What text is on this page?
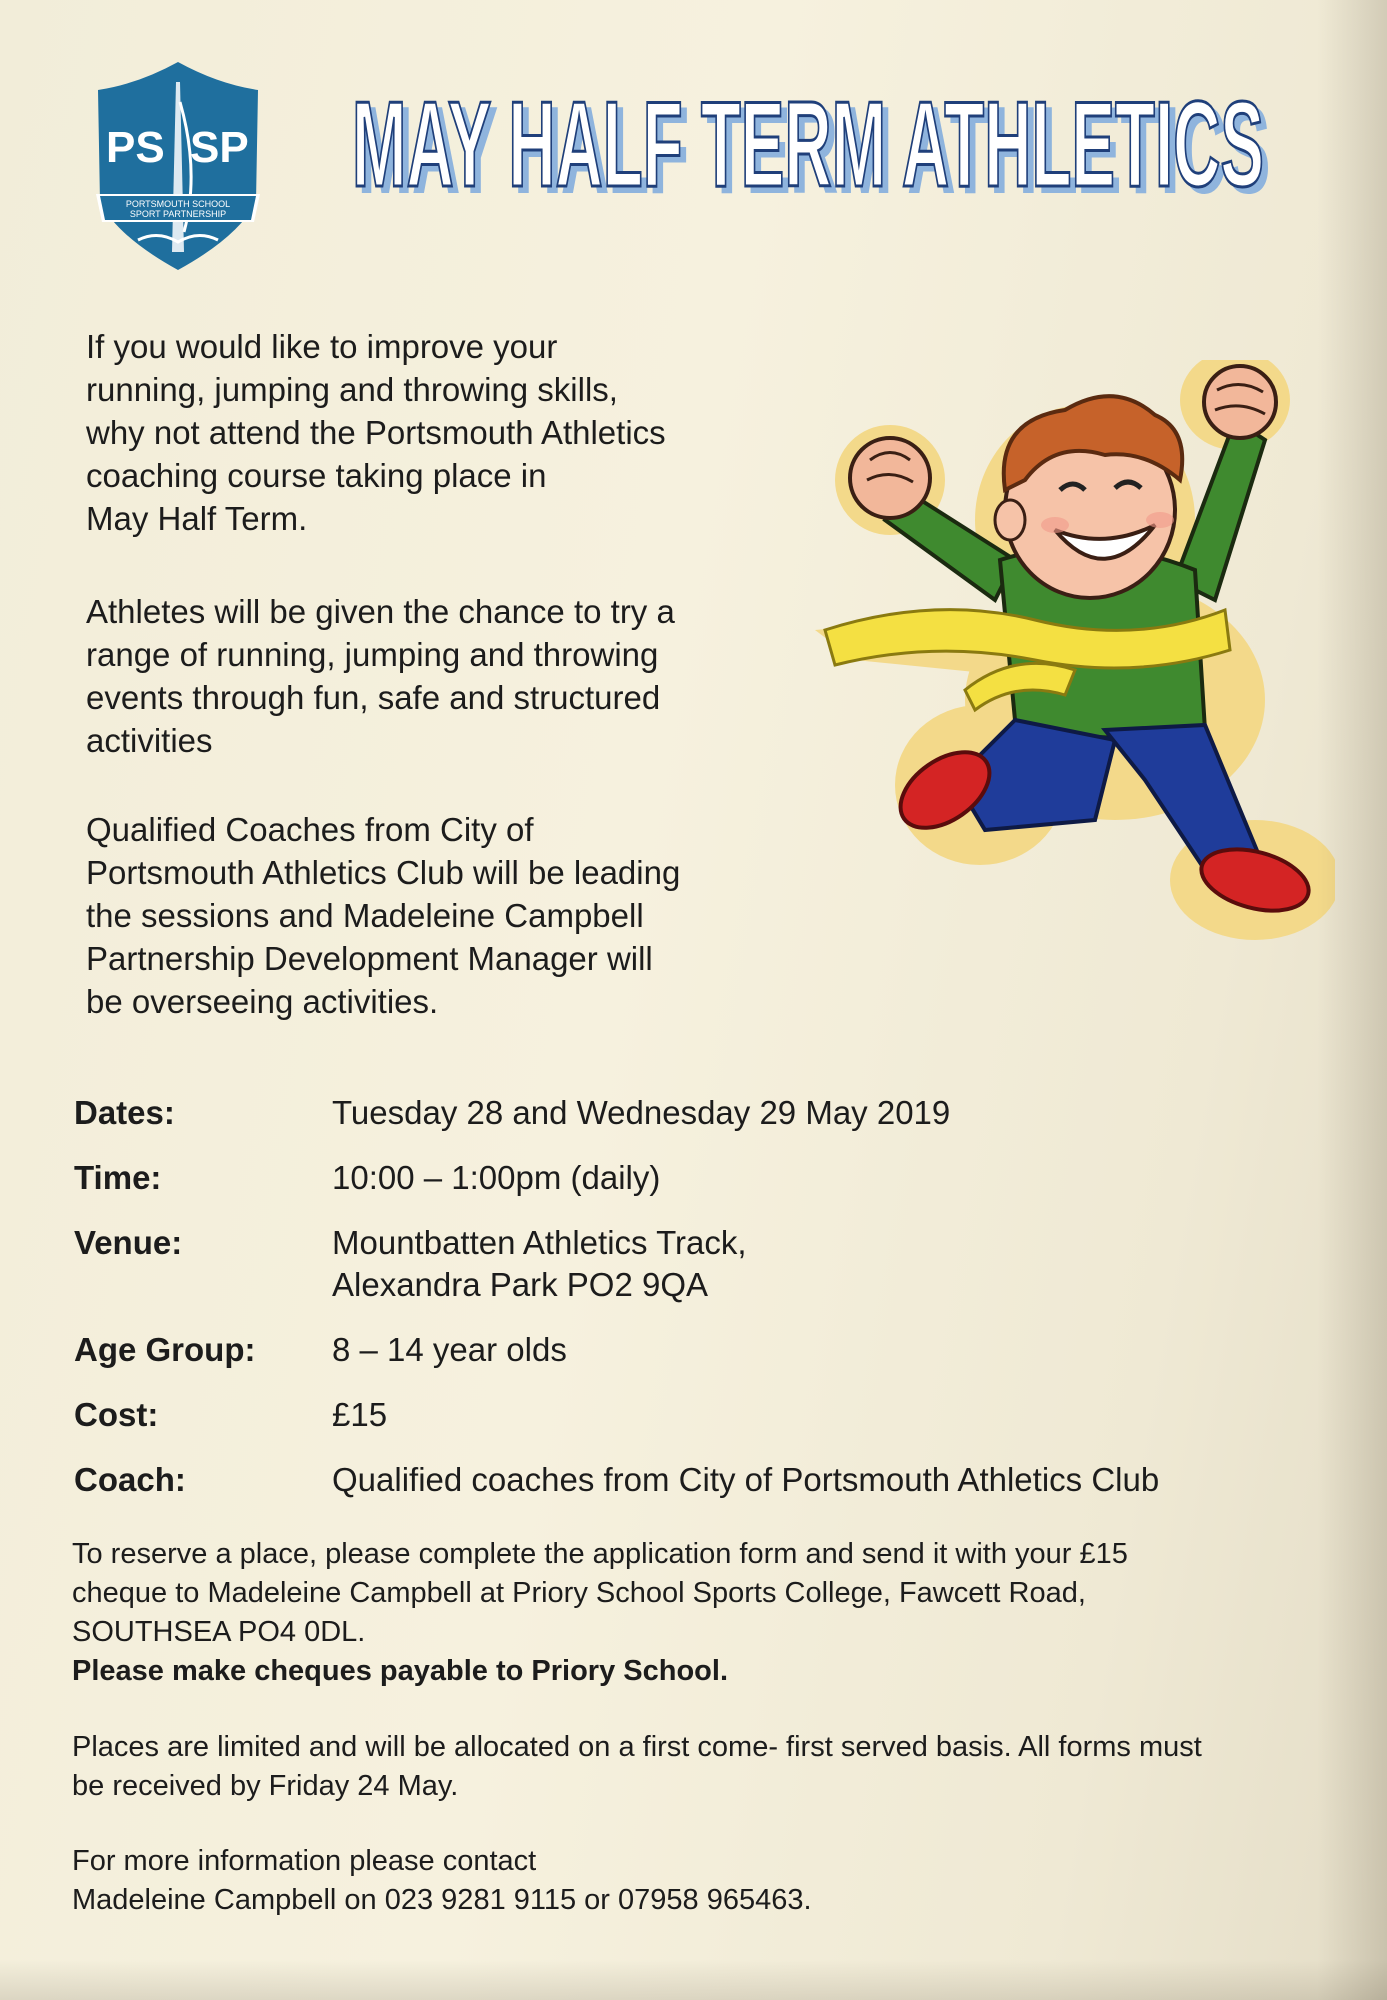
PS SP
PORTSMOUTH SCHOOL
SPORT PARTNERSHIP MAY HALF TERM ATHLETICS
MAY HALF TERM ATHLETICS

If you would like to improve your
running, jumping and throwing skills,
why not attend the Portsmouth Athletics
coaching course taking place in
May Half Term.

Athletes will be given the chance to try a
range of running, jumping and throwing
events through fun, safe and structured
activities

Qualified Coaches from City of
Portsmouth Athletics Club will be leading
the sessions and Madeleine Campbell
Partnership Development Manager will
be overseeing activities.

Dates:	Tuesday 28 and Wednesday 29 May 2019
Time:	10:00 – 1:00pm (daily)
Venue:	Mountbatten Athletics Track,
Alexandra Park PO2 9QA
Age Group:	8 – 14 year olds
Cost:	£15
Coach:	Qualified coaches from City of Portsmouth Athletics Club

To reserve a place, please complete the application form and send it with your £15
cheque to Madeleine Campbell at Priory School Sports College, Fawcett Road,
SOUTHSEA PO4 0DL.
Please make cheques payable to Priory School.

Places are limited and will be allocated on a first come- first served basis. All forms must
be received by Friday 24 May.

For more information please contact
Madeleine Campbell on 023 9281 9115 or 07958 965463.
